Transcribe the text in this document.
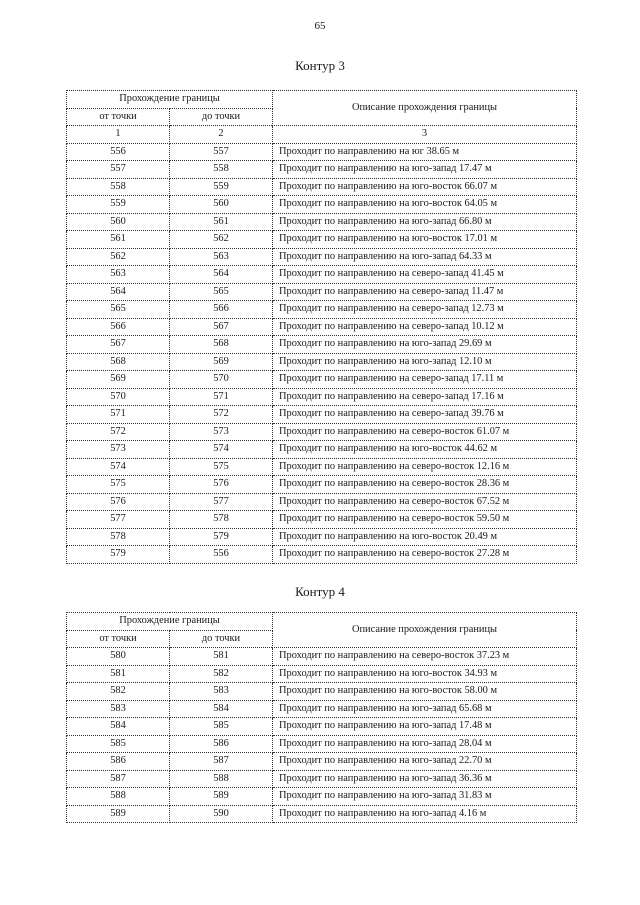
65
Контур 3
Прохождение границы		Описание прохождения границы
от точки	до точки	
1	2	3
556	557	Проходит по направлению на юг 38.65 м
557	558	Проходит по направлению на юго-запад 17.47 м
558	559	Проходит по направлению на юго-восток 66.07 м
559	560	Проходит по направлению на юго-восток 64.05 м
560	561	Проходит по направлению на юго-запад 66.80 м
561	562	Проходит по направлению на юго-восток 17.01 м
562	563	Проходит по направлению на юго-запад 64.33 м
563	564	Проходит по направлению на северо-запад 41.45 м
564	565	Проходит по направлению на северо-запад 11.47 м
565	566	Проходит по направлению на северо-запад 12.73 м
566	567	Проходит по направлению на северо-запад 10.12 м
567	568	Проходит по направлению на юго-запад 29.69 м
568	569	Проходит по направлению на юго-запад 12.10 м
569	570	Проходит по направлению на северо-запад 17.11 м
570	571	Проходит по направлению на северо-запад 17.16 м
571	572	Проходит по направлению на северо-запад 39.76 м
572	573	Проходит по направлению на северо-восток 61.07 м
573	574	Проходит по направлению на юго-восток 44.62 м
574	575	Проходит по направлению на северо-восток 12.16 м
575	576	Проходит по направлению на северо-восток 28.36 м
576	577	Проходит по направлению на северо-восток 67.52 м
577	578	Проходит по направлению на северо-восток 59.50 м
578	579	Проходит по направлению на юго-восток 20.49 м
579	556	Проходит по направлению на северо-восток 27.28 м
Контур 4
Прохождение границы		Описание прохождения границы
от точки	до точки	
580	581	Проходит по направлению на северо-восток 37.23 м
581	582	Проходит по направлению на юго-восток 34.93 м
582	583	Проходит по направлению на юго-восток 58.00 м
583	584	Проходит по направлению на юго-запад 65.68 м
584	585	Проходит по направлению на юго-запад 17.48 м
585	586	Проходит по направлению на юго-запад 28.04 м
586	587	Проходит по направлению на юго-запад 22.70 м
587	588	Проходит по направлению на юго-запад 36.36 м
588	589	Проходит по направлению на юго-запад 31.83 м
589	590	Проходит по направлению на юго-запад 4.16 м
